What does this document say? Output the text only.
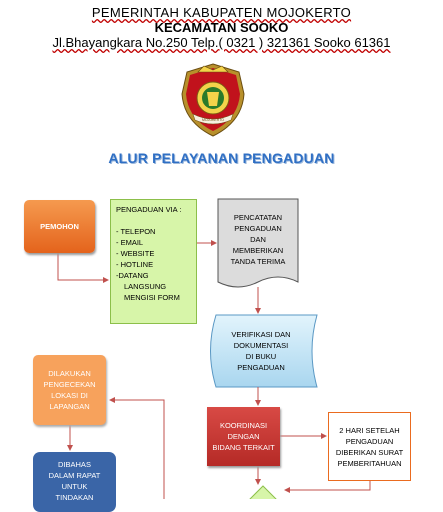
PEMERINTAH KABUPATEN MOJOKERTO
KECAMATAN SOOKO
Jl.Bhayangkara No.250 Telp.( 0321 ) 321361 Sooko 61361
MOJOKERTO
ALUR PELAYANAN PENGADUAN
PEMOHON
PENGADUAN VIA :
- TELEPON
- EMAIL
- WEBSITE
- HOTLINE
-DATANG
LANGSUNG
MENGISI FORM
PENCATATAN
PENGADUAN
DAN
MEMBERIKAN
TANDA TERIMA
VERIFIKASI DAN
DOKUMENTASI
DI BUKU
PENGADUAN
DILAKUKAN
PENGECEKAN
LOKASI DI
LAPANGAN
KOORDINASI DENGAN
BIDANG TERKAIT
2 HARI SETELAH
PENGADUAN
DIBERIKAN SURAT
PEMBERITAHUAN
DIBAHAS
DALAM RAPAT
UNTUK
TINDAKAN
